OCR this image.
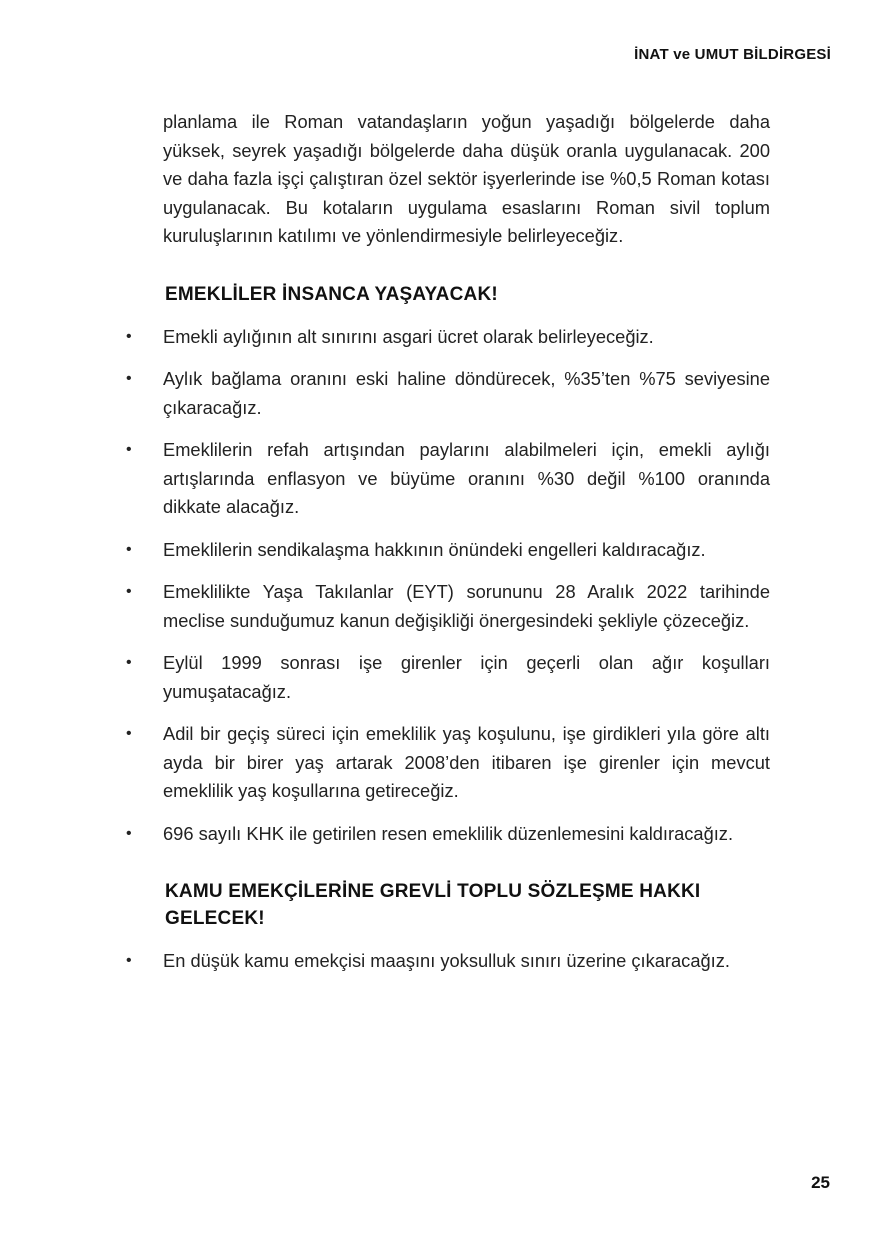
İNAT ve UMUT BİLDİRGESİ

planlama ile Roman vatandaşların yoğun yaşadığı bölgelerde daha yüksek, seyrek yaşadığı bölgelerde daha düşük oranla uygulanacak. 200 ve daha fazla işçi çalıştıran özel sektör işyerlerinde ise %0,5 Roman kotası uygulanacak. Bu kotaların uygulama esaslarını Roman sivil toplum kuruluşlarının katılımı ve yönlendirmesiyle belirleyeceğiz.

EMEKLİLER İNSANCA YAŞAYACAK!
• Emekli aylığının alt sınırını asgari ücret olarak belirleyeceğiz.
• Aylık bağlama oranını eski haline döndürecek, %35’ten %75 seviyesine çıkaracağız.
• Emeklilerin refah artışından paylarını alabilmeleri için, emekli aylığı artışlarında enflasyon ve büyüme oranını %30 değil %100 oranında dikkate alacağız.
• Emeklilerin sendikalaşma hakkının önündeki engelleri kaldıracağız.
• Emeklilikte Yaşa Takılanlar (EYT) sorununu 28 Aralık 2022 tarihinde meclise sunduğumuz kanun değişikliği önergesindeki şekliyle çözeceğiz.
• Eylül 1999 sonrası işe girenler için geçerli olan ağır koşulları yumuşatacağız.
• Adil bir geçiş süreci için emeklilik yaş koşulunu, işe girdikleri yıla göre altı ayda bir birer yaş artarak 2008’den itibaren işe girenler için mevcut emeklilik yaş koşullarına getireceğiz.
• 696 sayılı KHK ile getirilen resen emeklilik düzenlemesini kaldıracağız.
KAMU EMEKÇİLERİNE GREVLİ TOPLU SÖZLEŞME HAKKI GELECEK!
• En düşük kamu emekçisi maaşını yoksulluk sınırı üzerine çıkaracağız.
25
